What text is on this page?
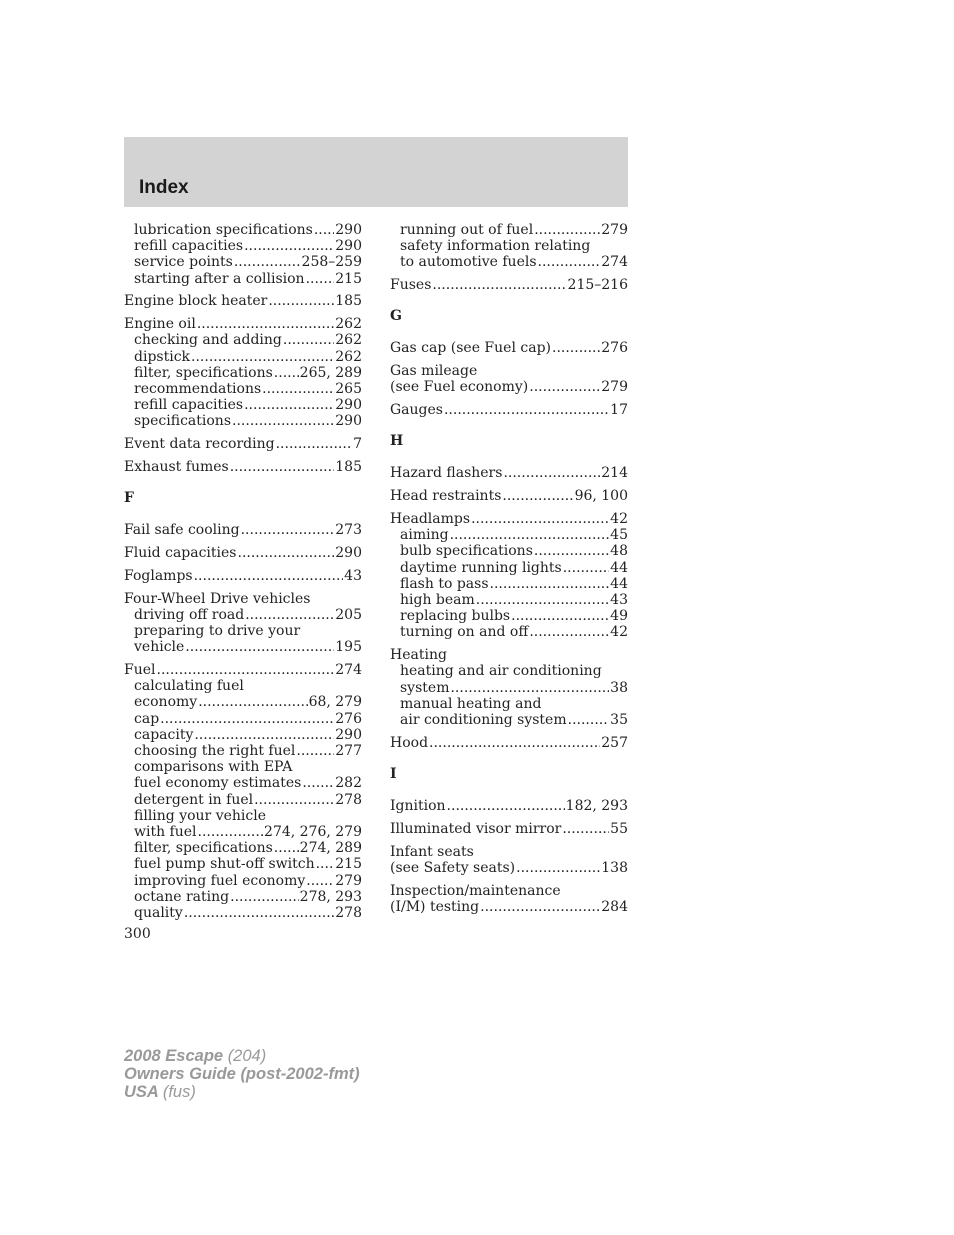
Index
lubrication specifications ..... 290
refill capacities .....	290
service points .....	258–259
starting after a collision ..... 215
Engine block heater .....	185
Engine oil .....	262
checking and adding .....	262
dipstick .....	262
filter, specifications ..... 265, 289
recommendations .....	265
refill capacities .....	290
specifications .....	290
Event data recording .....	7
Exhaust fumes .....	185
F
Fail safe cooling .....	273
Fluid capacities .....	290
Foglamps .....	43
Four-Wheel Drive vehicles
driving off road .....	205
preparing to drive your
vehicle .....	195
Fuel .....	274
calculating fuel
economy .....	68, 279
cap .....	276
capacity .....	290
choosing the right fuel .....	277
comparisons with EPA
fuel economy estimates ..... 282
detergent in fuel .....	278
filling your vehicle
with fuel .....	274, 276, 279
filter, specifications ..... 274, 289
fuel pump shut-off switch ..... 215
improving fuel economy ..... 279
octane rating .....	278, 293
quality .....	278
running out of fuel .....	279
safety information relating
to automotive fuels .....	274
Fuses .....	215–216
G
Gas cap (see Fuel cap) .....	276
Gas mileage
(see Fuel economy) .....	279
Gauges .....	17
H
Hazard flashers .....	214
Head restraints .....	96, 100
Headlamps .....	42
aiming .....	45
bulb specifications .....	48
daytime running lights .....	44
flash to pass .....	44
high beam .....	43
replacing bulbs .....	49
turning on and off .....	42
Heating
heating and air conditioning
system .....	38
manual heating and
air conditioning system .....	35
Hood .....	257
I
Ignition .....	182, 293
Illuminated visor mirror .....	55
Infant seats
(see Safety seats) .....	138
Inspection/maintenance
(I/M) testing .....	284
300
2008 Escape (204)
Owners Guide (post-2002-fmt)
USA (fus)
